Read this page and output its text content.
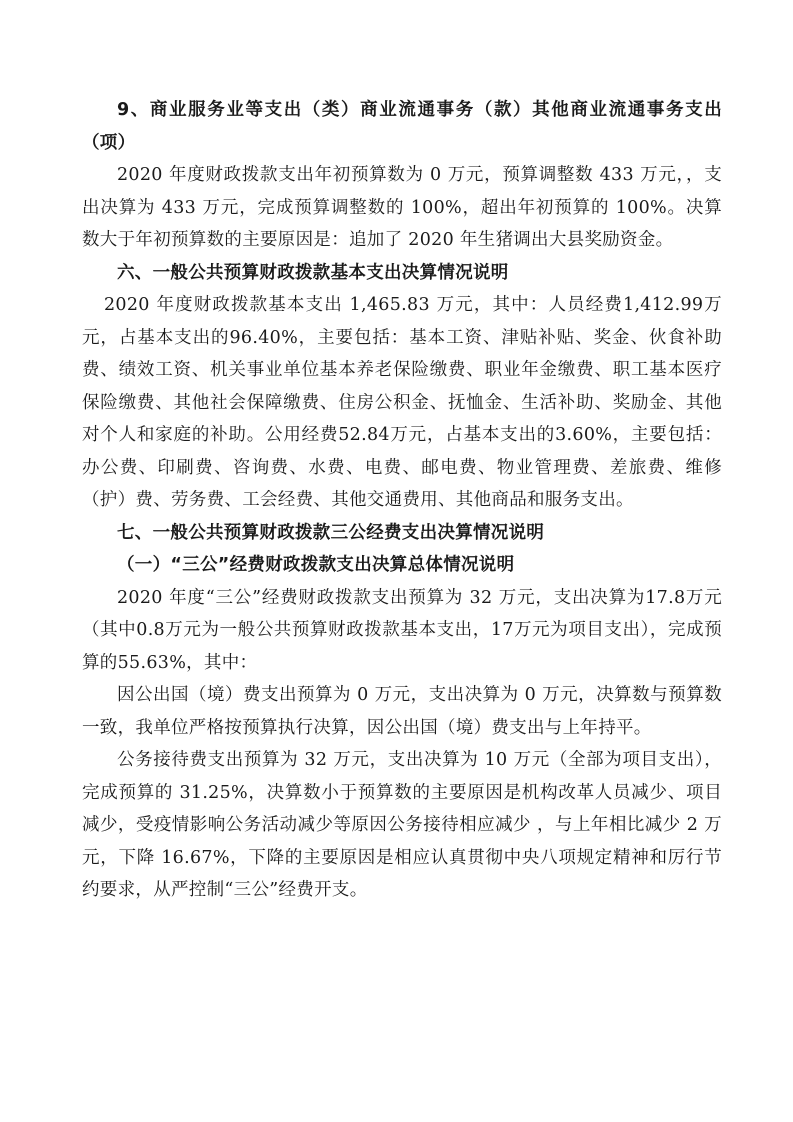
9、商业服务业等支出（类）商业流通事务（款）其他商业流通事务支出（项）

2020 年度财政拨款支出年初预算数为 0 万元，预算调整数 433 万元，，支出决算为 433 万元，完成预算调整数的 100%，超出年初预算的 100%。决算数大于年初预算数的主要原因是：追加了 2020 年生猪调出大县奖励资金。

六、一般公共预算财政拨款基本支出决算情况说明

2020 年度财政拨款基本支出 1,465.83 万元，其中：人员经费1,412.99万元，占基本支出的96.40%，主要包括：基本工资、津贴补贴、奖金、伙食补助费、绩效工资、机关事业单位基本养老保险缴费、职业年金缴费、职工基本医疗保险缴费、其他社会保障缴费、住房公积金、抚恤金、生活补助、奖励金、其他对个人和家庭的补助。公用经费52.84万元，占基本支出的3.60%，主要包括：办公费、印刷费、咨询费、水费、电费、邮电费、物业管理费、差旅费、维修（护）费、劳务费、工会经费、其他交通费用、其他商品和服务支出。

七、一般公共预算财政拨款三公经费支出决算情况说明

（一）“三公”经费财政拨款支出决算总体情况说明

2020 年度“三公”经费财政拨款支出预算为 32 万元，支出决算为17.8万元（其中0.8万元为一般公共预算财政拨款基本支出，17万元为项目支出），完成预算的55.63%，其中：

因公出国（境）费支出预算为 0 万元，支出决算为 0 万元，决算数与预算数一致，我单位严格按预算执行决算，因公出国（境）费支出与上年持平。

公务接待费支出预算为 32 万元，支出决算为 10 万元（全部为项目支出），完成预算的 31.25%，决算数小于预算数的主要原因是机构改革人员减少、项目减少，受疫情影响公务活动减少等原因公务接待相应减少 ，与上年相比减少 2 万元，下降 16.67%，下降的主要原因是相应认真贯彻中央八项规定精神和厉行节约要求，从严控制“三公”经费开支。
